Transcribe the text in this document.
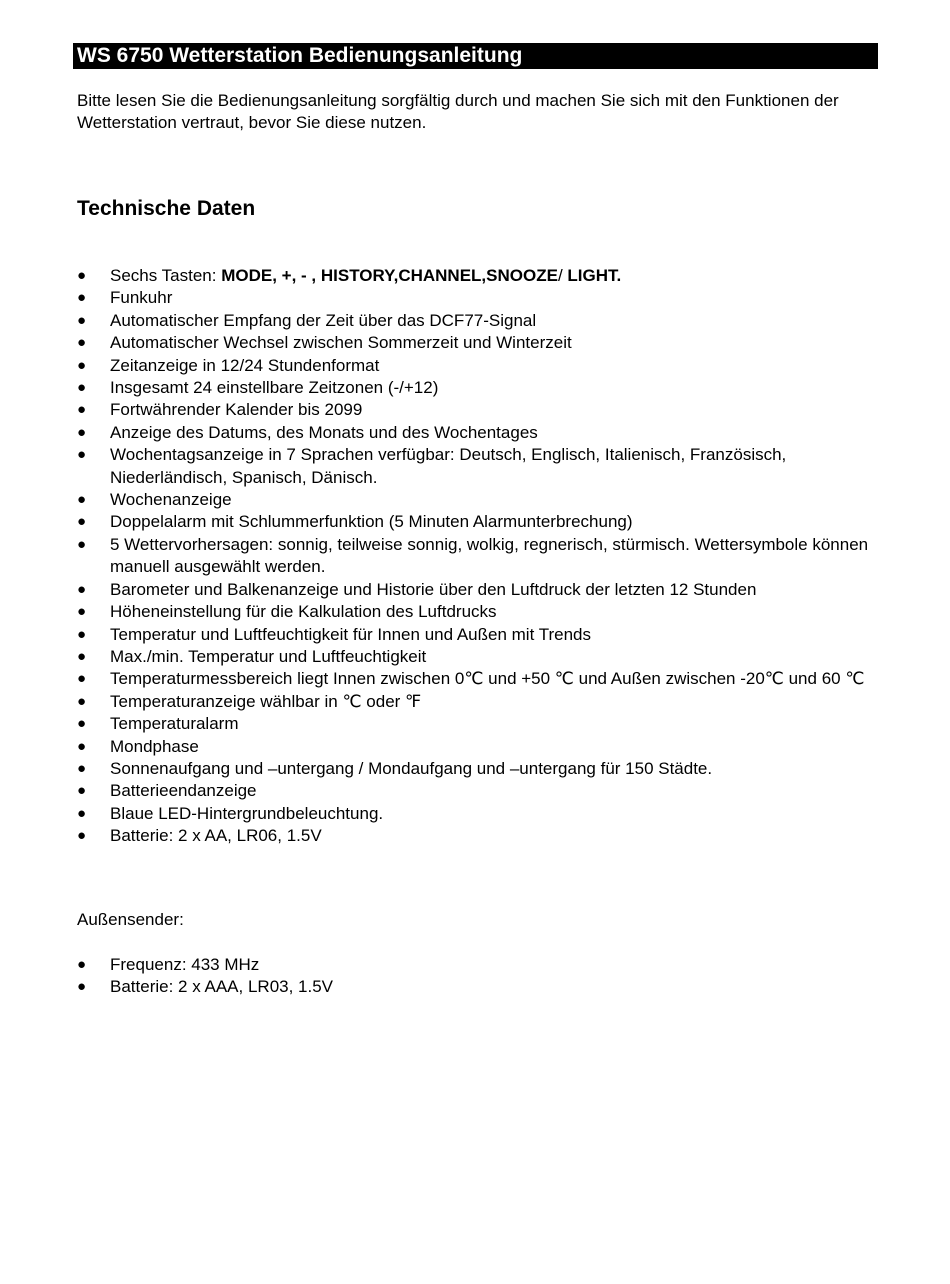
WS 6750 Wetterstation Bedienungsanleitung
Bitte lesen Sie die Bedienungsanleitung sorgfältig durch und machen Sie sich mit den Funktionen der Wetterstation vertraut, bevor Sie diese nutzen.
Technische Daten
● Sechs Tasten: MODE, +, - , HISTORY,CHANNEL,SNOOZE/ LIGHT.
● Funkuhr
● Automatischer Empfang der Zeit über das DCF77-Signal
● Automatischer Wechsel zwischen Sommerzeit und Winterzeit
● Zeitanzeige in 12/24 Stundenformat
● Insgesamt 24 einstellbare Zeitzonen (-/+12)
● Fortwährender Kalender bis 2099
● Anzeige des Datums, des Monats und des Wochentages
● Wochentagsanzeige in 7 Sprachen verfügbar: Deutsch, Englisch, Italienisch, Französisch, Niederländisch, Spanisch, Dänisch.
● Wochenanzeige
● Doppelalarm mit Schlummerfunktion (5 Minuten Alarmunterbrechung)
● 5 Wettervorhersagen: sonnig, teilweise sonnig, wolkig, regnerisch, stürmisch. Wettersymbole können manuell ausgewählt werden.
● Barometer und Balkenanzeige und Historie über den Luftdruck der letzten 12 Stunden
● Höheneinstellung für die Kalkulation des Luftdrucks
● Temperatur und Luftfeuchtigkeit für Innen und Außen mit Trends
● Max./min. Temperatur und Luftfeuchtigkeit
● Temperaturmessbereich liegt Innen zwischen 0℃ und +50 ℃ und Außen zwischen -20℃ und 60 ℃
● Temperaturanzeige wählbar in ℃ oder ℉
● Temperaturalarm
● Mondphase
● Sonnenaufgang und –untergang / Mondaufgang und –untergang für 150 Städte.
● Batterieendanzeige
● Blaue LED-Hintergrundbeleuchtung.
● Batterie: 2 x AA, LR06, 1.5V
Außensender:
● Frequenz: 433 MHz
● Batterie: 2 x AAA, LR03, 1.5V
